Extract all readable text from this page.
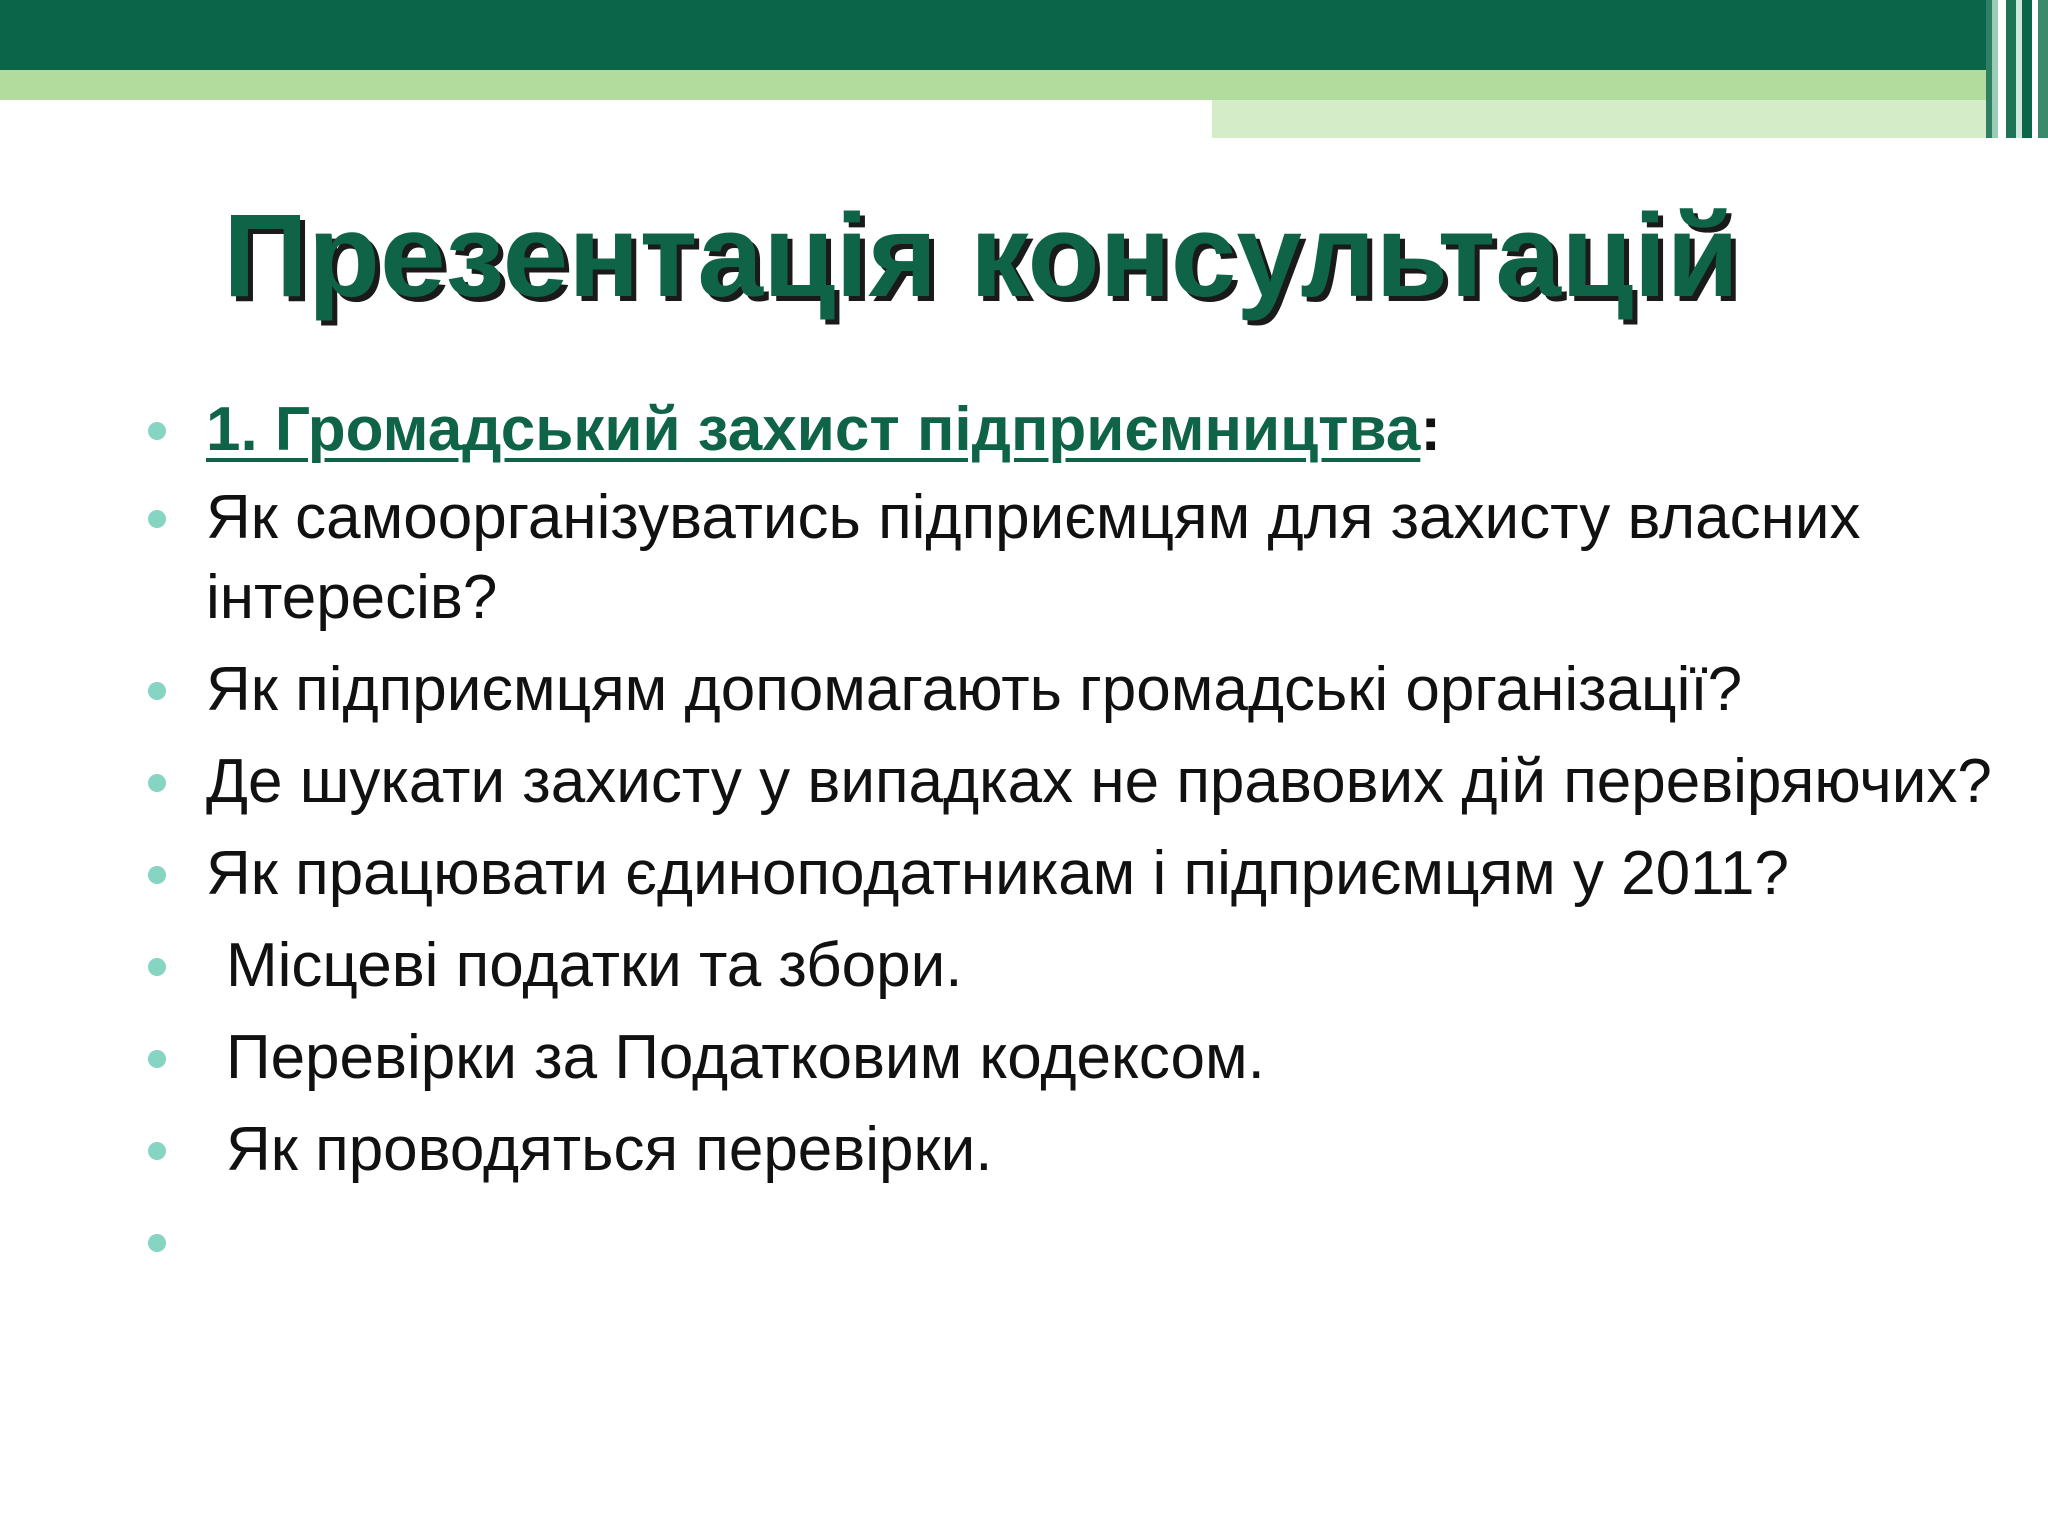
Презентація консультацій
1. Громадський захист підприємництва:
Як самоорганізуватись підприємцям для захисту власних інтересів?
Як підприємцям допомагають громадські організації?
Де шукати захисту у випадках не правових дій перевіряючих?
Як працювати єдиноподатникам і підприємцям у 2011?
Місцеві податки та збори.
Перевірки за Податковим кодексом.
Як проводяться перевірки.
